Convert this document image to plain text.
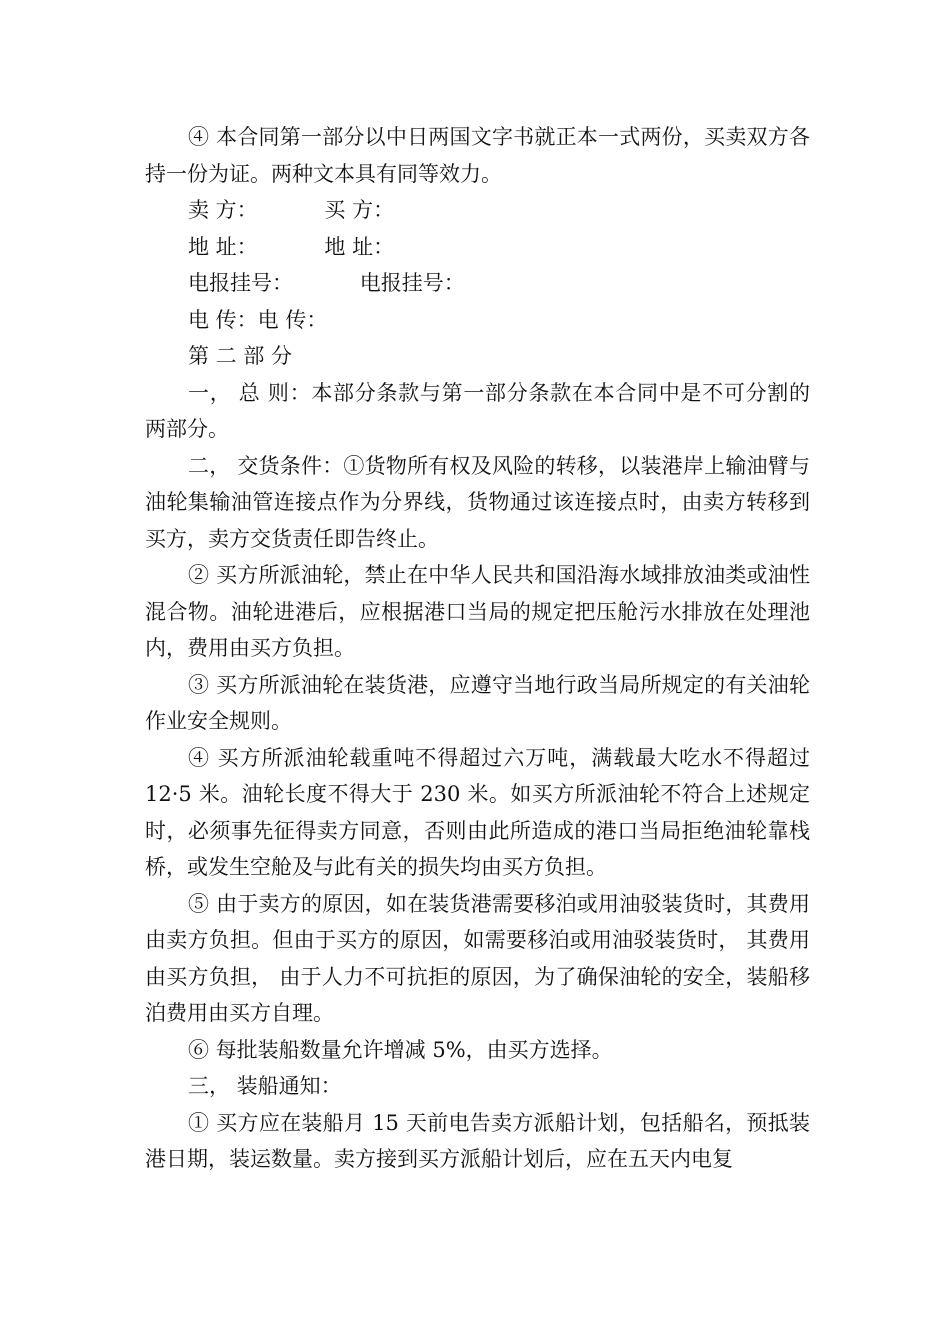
④ 本合同第一部分以中日两国文字书就正本一式两份，买卖双方各持一份为证。两种文本具有同等效力。

卖 方：          买 方：

地 址：          地 址：

电报挂号：          电报挂号：

电 传：电 传：

第 二 部 分

一， 总 则：本部分条款与第一部分条款在本合同中是不可分割的两部分。

二， 交货条件：①货物所有权及风险的转移，以装港岸上输油臂与油轮集输油管连接点作为分界线，货物通过该连接点时，由卖方转移到买方，卖方交货责任即告终止。

② 买方所派油轮，禁止在中华人民共和国沿海水域排放油类或油性混合物。油轮进港后，应根据港口当局的规定把压舱污水排放在处理池内，费用由买方负担。

③ 买方所派油轮在装货港，应遵守当地行政当局所规定的有关油轮作业安全规则。

④ 买方所派油轮载重吨不得超过六万吨，满载最大吃水不得超过 12·5 米。油轮长度不得大于 230 米。如买方所派油轮不符合上述规定时，必须事先征得卖方同意，否则由此所造成的港口当局拒绝油轮靠栈桥，或发生空舱及与此有关的损失均由买方负担。

⑤ 由于卖方的原因，如在装货港需要移泊或用油驳装货时，其费用由卖方负担。但由于买方的原因，如需要移泊或用油驳装货时， 其费用由买方负担， 由于人力不可抗拒的原因，为了确保油轮的安全，装船移泊费用由买方自理。

⑥ 每批装船数量允许增减 5%，由买方选择。

三， 装船通知：

① 买方应在装船月 15 天前电告卖方派船计划，包括船名，预抵装港日期，装运数量。卖方接到买方派船计划后，应在五天内电复
